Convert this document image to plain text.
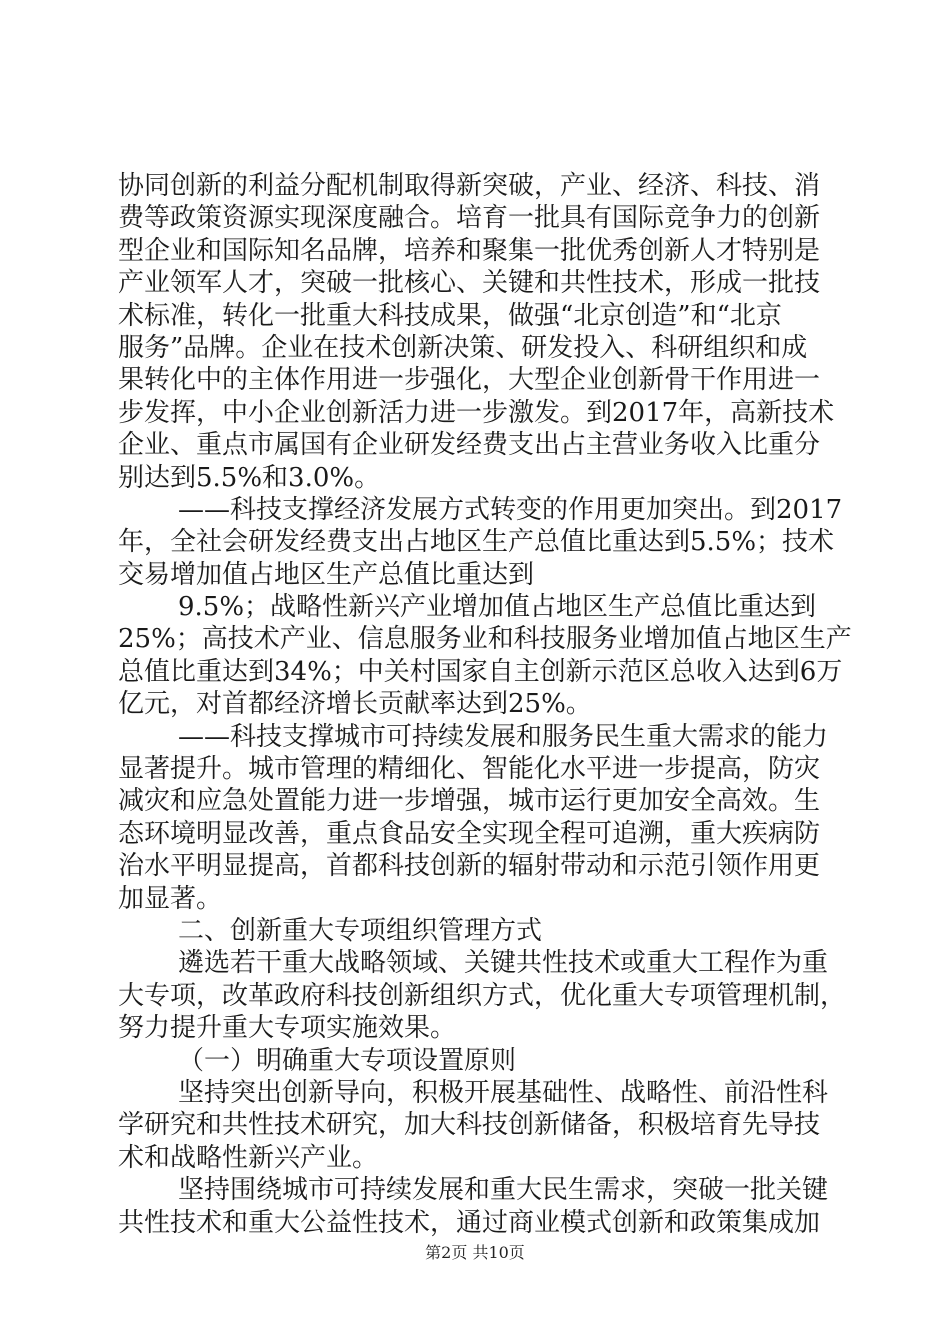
协同创新的利益分配机制取得新突破，产业、经济、科技、消
费等政策资源实现深度融合。培育一批具有国际竞争力的创新
型企业和国际知名品牌，培养和聚集一批优秀创新人才特别是
产业领军人才，突破一批核心、关键和共性技术，形成一批技
术标准，转化一批重大科技成果，做强“北京创造”和“北京
服务”品牌。企业在技术创新决策、研发投入、科研组织和成
果转化中的主体作用进一步强化，大型企业创新骨干作用进一
步发挥，中小企业创新活力进一步激发。到2017年，高新技术
企业、重点市属国有企业研发经费支出占主营业务收入比重分
别达到5.5%和3.0%。
——科技支撑经济发展方式转变的作用更加突出。到2017
年，全社会研发经费支出占地区生产总值比重达到5.5%；技术
交易增加值占地区生产总值比重达到
9.5%；战略性新兴产业增加值占地区生产总值比重达到
25%；高技术产业、信息服务业和科技服务业增加值占地区生产
总值比重达到34%；中关村国家自主创新示范区总收入达到6万
亿元，对首都经济增长贡献率达到25%。
——科技支撑城市可持续发展和服务民生重大需求的能力
显著提升。城市管理的精细化、智能化水平进一步提高，防灾
减灾和应急处置能力进一步增强，城市运行更加安全高效。生
态环境明显改善，重点食品安全实现全程可追溯，重大疾病防
治水平明显提高，首都科技创新的辐射带动和示范引领作用更
加显著。
二、创新重大专项组织管理方式
遴选若干重大战略领域、关键共性技术或重大工程作为重
大专项，改革政府科技创新组织方式，优化重大专项管理机制，
努力提升重大专项实施效果。
（一）明确重大专项设置原则
坚持突出创新导向，积极开展基础性、战略性、前沿性科
学研究和共性技术研究，加大科技创新储备，积极培育先导技
术和战略性新兴产业。
坚持围绕城市可持续发展和重大民生需求，突破一批关键
共性技术和重大公益性技术，通过商业模式创新和政策集成加
第2页 共10页
